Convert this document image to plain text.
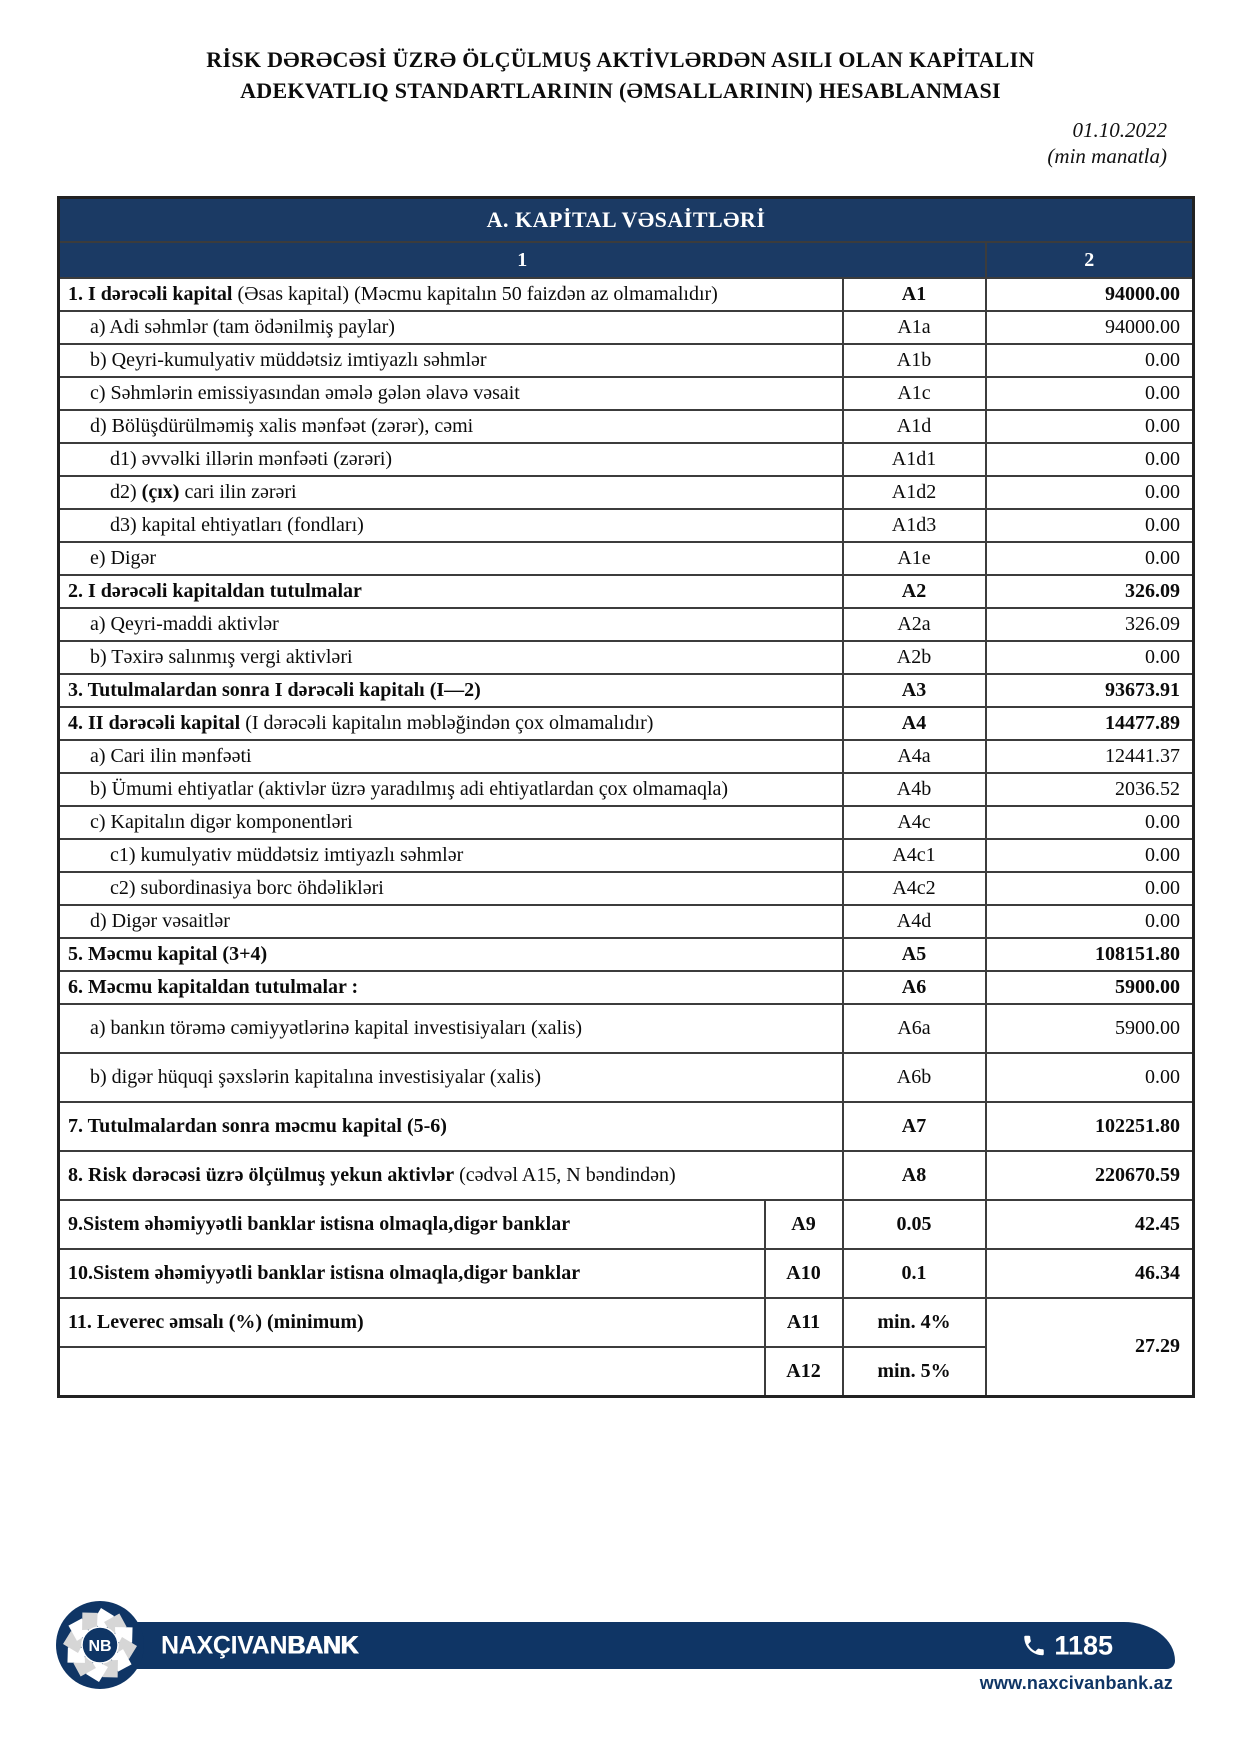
RİSK DƏRƏCƏSİ ÜZRƏ ÖLÇÜLMUŞ AKTİVLƏRDƏN ASILI OLAN KAPİTALIN
ADEKVATLIQ STANDARTLARININ (ƏMSALLARININ) HESABLANMASI
01.10.2022
(min manatla)
A. KAPİTAL VƏSAİTLƏRİ			
1			2
1. I dərəcəli kapital (Əsas kapital) (Məcmu kapitalın 50 faizdən az olmamalıdır)		A1	94000.00
a) Adi səhmlər (tam ödənilmiş paylar)		A1a	94000.00
b) Qeyri-kumulyativ müddətsiz imtiyazlı səhmlər		A1b	0.00
c) Səhmlərin emissiyasından əmələ gələn əlavə vəsait		A1c	0.00
d) Bölüşdürülməmiş xalis mənfəət (zərər), cəmi		A1d	0.00
d1) əvvəlki illərin mənfəəti (zərəri)		A1d1	0.00
d2) (çıx) cari ilin zərəri		A1d2	0.00
d3) kapital ehtiyatları (fondları)		A1d3	0.00
e) Digər		A1e	0.00
2. I dərəcəli kapitaldan tutulmalar		A2	326.09
a) Qeyri-maddi aktivlər		A2a	326.09
b) Təxirə salınmış vergi aktivləri		A2b	0.00
3. Tutulmalardan sonra I dərəcəli kapitalı (I—2)		A3	93673.91
4. II dərəcəli kapital (I dərəcəli kapitalın məbləğindən çox olmamalıdır)		A4	14477.89
a) Cari ilin mənfəəti		A4a	12441.37
b) Ümumi ehtiyatlar (aktivlər üzrə yaradılmış adi ehtiyatlardan çox olmamaqla)		A4b	2036.52
c) Kapitalın digər komponentləri		A4c	0.00
c1) kumulyativ müddətsiz imtiyazlı səhmlər		A4c1	0.00
c2) subordinasiya borc öhdəlikləri		A4c2	0.00
d) Digər vəsaitlər		A4d	0.00
5. Məcmu kapital (3+4)		A5	108151.80
6. Məcmu kapitaldan tutulmalar :		A6	5900.00
a) bankın törəmə cəmiyyətlərinə kapital investisiyaları (xalis)		A6a	5900.00
b) digər hüquqi şəxslərin kapitalına investisiyalar (xalis)		A6b	0.00
7. Tutulmalardan sonra məcmu kapital (5-6)		A7	102251.80
8. Risk dərəcəsi üzrə ölçülmuş yekun aktivlər (cədvəl A15, N bəndindən)		A8	220670.59
9.Sistem əhəmiyyətli banklar istisna olmaqla,digər banklar	A9	0.05	42.45
10.Sistem əhəmiyyətli banklar istisna olmaqla,digər banklar	A10	0.1	46.34
11. Leverec əmsalı (%) (minimum)	A11	min. 4%	27.29
	A12	min. 5%	
NAXÇIVANBANK	1185
NB
www.naxcivanbank.az
